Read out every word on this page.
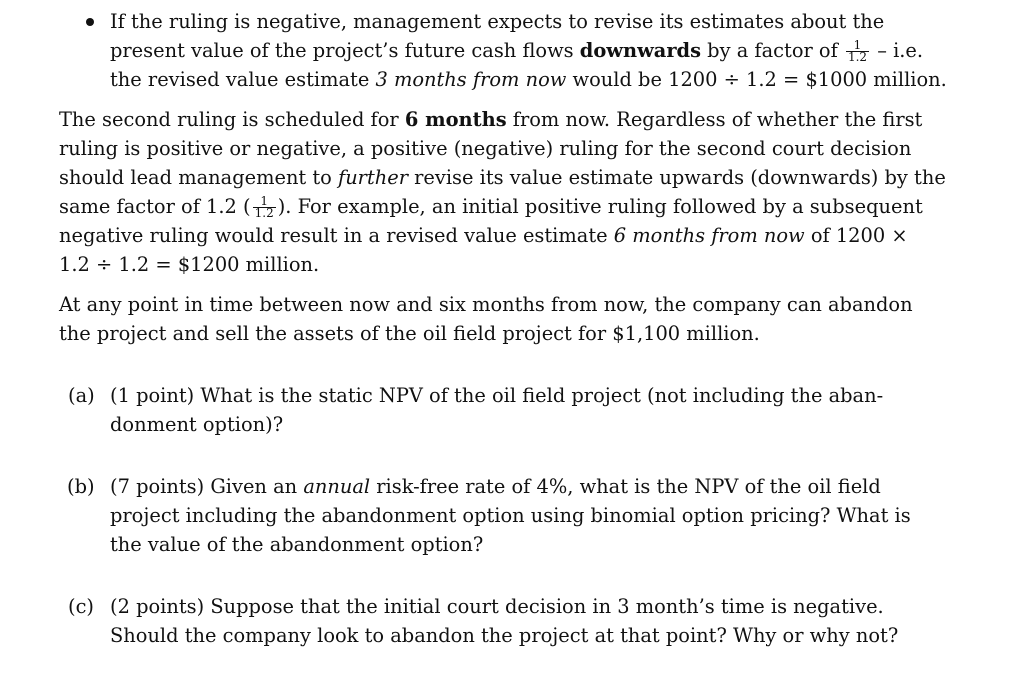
If the ruling is negative, management expects to revise its estimates about the
present value of the project’s future cash flows downwards by a factor of $\frac{1}{1.2} - i.e$.
the revised value estimate 3 months from now would be 1200 ÷ 1.2 = $1000 million.
The second ruling is scheduled for 6 months from now. Regardless of whether the first
ruling is positive or negative, a positive (negative) ruling for the second court decision
should lead management to further revise its value estimate upwards (downwards) by the
same factor of 1.2 ( $\frac{1}{1.2}$ ). For example, an initial positive ruling followed by a subsequent
negative ruling would result in a revised value estimate 6 months from now of 1200 ×
1.2 ÷ 1.2 = $1200 million.
At any point in time between now and six months from now, the company can abandon
the project and sell the assets of the oil field project for $1,100 million.
(a) (1 point) What is the static NPV of the oil field project (not including the aban-
donment option)?
(b) (7 points) Given an annual risk-free rate of 4%, what is the NPV of the oil field
project including the abandonment option using binomial option pricing? What is
the value of the abandonment option?
(c) (2 points) Suppose that the initial court decision in 3 month’s time is negative.
Should the company look to abandon the project at that point? Why or why not?
